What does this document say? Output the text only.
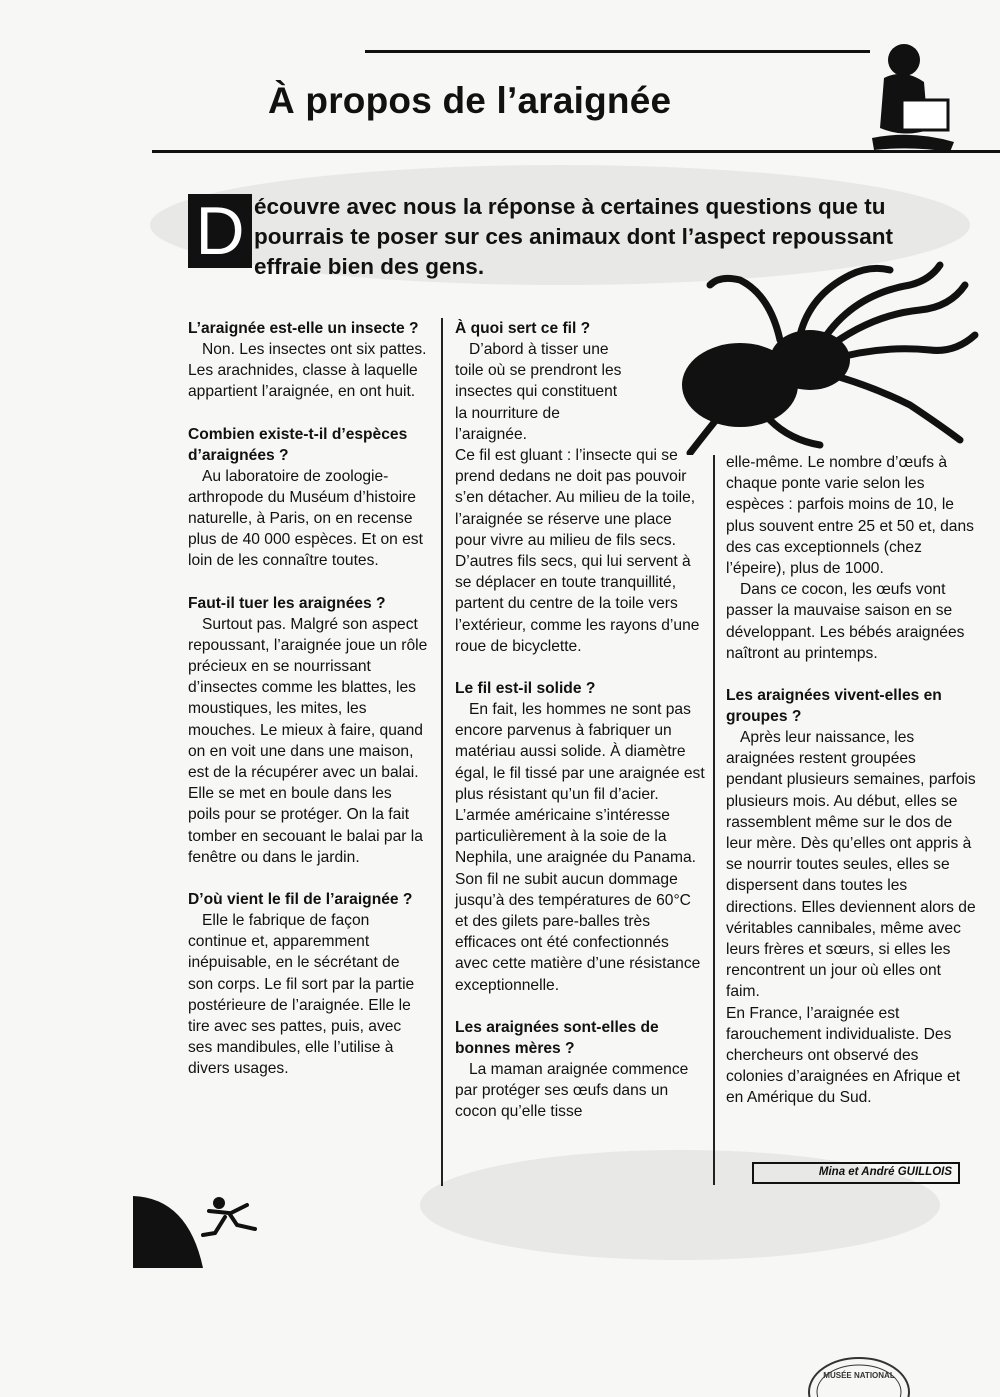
À propos de l’araignée
D écouvre avec nous la réponse à certaines questions que tu pourrais te poser sur ces animaux dont l’aspect repoussant effraie bien des gens.

L’araignée est-elle un insecte ?

Non. Les insectes ont six pattes. Les arachnides, classe à laquelle appartient l’araignée, en ont huit.

Combien existe-t-il d’espèces d’araignées ?

Au laboratoire de zoologie-arthropode du Muséum d’histoire naturelle, à Paris, on en recense plus de 40 000 espèces. Et on est loin de les connaître toutes.

Faut-il tuer les araignées ?

Surtout pas. Malgré son aspect repoussant, l’araignée joue un rôle précieux en se nourrissant d’insectes comme les blattes, les moustiques, les mites, les mouches. Le mieux à faire, quand on en voit une dans une maison, est de la récupérer avec un balai. Elle se met en boule dans les poils pour se protéger. On la fait tomber en secouant le balai par la fenêtre ou dans le jardin.

D’où vient le fil de l’araignée ?

Elle le fabrique de façon continue et, apparemment inépuisable, en le sécrétant de son corps. Le fil sort par la partie postérieure de l’araignée. Elle le tire avec ses pattes, puis, avec ses mandibules, elle l’utilise à divers usages.

À quoi sert ce fil ?

D’abord à tisser une toile où se prendront les insectes qui constituent la nourriture de l’araignée.

Ce fil est gluant : l’insecte qui se prend dedans ne doit pas pouvoir s’en détacher. Au milieu de la toile, l’araignée se réserve une place pour vivre au milieu de fils secs. D’autres fils secs, qui lui servent à se déplacer en toute tranquillité, partent du centre de la toile vers l’extérieur, comme les rayons d’une roue de bicyclette.

Le fil est-il solide ?

En fait, les hommes ne sont pas encore parvenus à fabriquer un matériau aussi solide. À diamètre égal, le fil tissé par une araignée est plus résistant qu’un fil d’acier. L’armée américaine s’intéresse particulièrement à la soie de la Nephila, une araignée du Panama. Son fil ne subit aucun dommage jusqu’à des températures de 60°C et des gilets pare-balles très efficaces ont été confectionnés avec cette matière d’une résistance exceptionnelle.

Les araignées sont-elles de bonnes mères ?

La maman araignée commence par protéger ses œufs dans un cocon qu’elle tisse

elle-même. Le nombre d’œufs à chaque ponte varie selon les espèces : parfois moins de 10, le plus souvent entre 25 et 50 et, dans des cas exceptionnels (chez l’épeire), plus de 1000.

Dans ce cocon, les œufs vont passer la mauvaise saison en se développant. Les bébés araignées naîtront au printemps.

Les araignées vivent-elles en groupes ?

Après leur naissance, les araignées restent groupées pendant plusieurs semaines, parfois plusieurs mois. Au début, elles se rassemblent même sur le dos de leur mère. Dès qu’elles ont appris à se nourrir toutes seules, elles se dispersent dans toutes les directions. Elles deviennent alors de véritables cannibales, même avec leurs frères et sœurs, si elles les rencontrent un jour où elles ont faim.

En France, l’araignée est farouchement individualiste. Des chercheurs ont observé des colonies d’araignées en Afrique et en Amérique du Sud.

Mina et André GUILLOIS
MUSÉE NATIONAL
